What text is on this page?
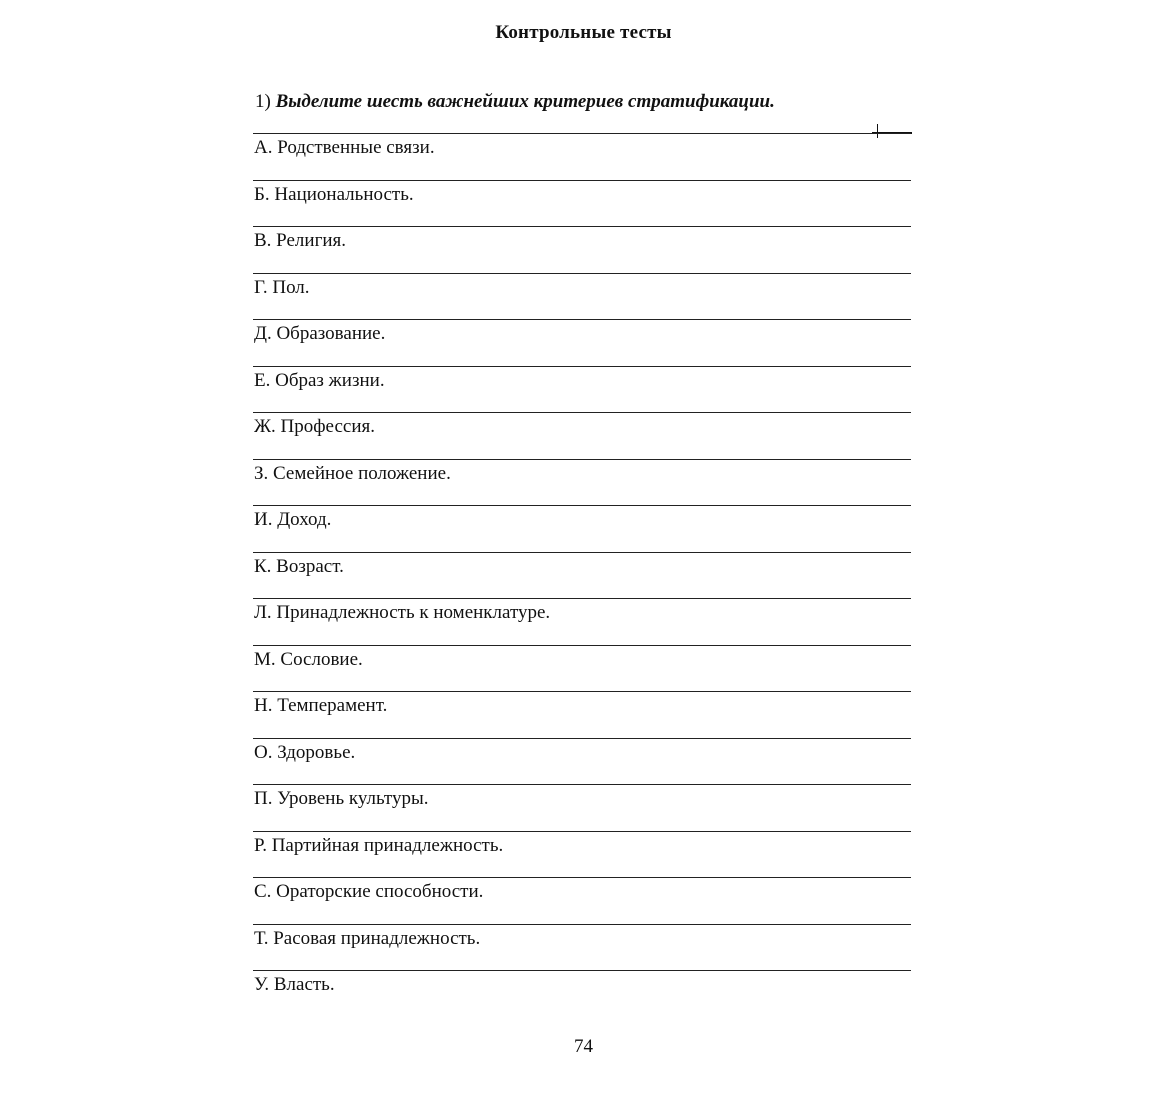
Контрольные тесты
1) Выделите шесть важнейших критериев стратификации.
А. Родственные связи.
Б. Национальность.
В. Религия.
Г. Пол.
Д. Образование.
Е. Образ жизни.
Ж. Профессия.
З. Семейное положение.
И. Доход.
К. Возраст.
Л. Принадлежность к номенклатуре.
М. Сословие.
Н. Темперамент.
О. Здоровье.
П. Уровень культуры.
Р. Партийная принадлежность.
С. Ораторские способности.
Т. Расовая принадлежность.
У. Власть.
74
